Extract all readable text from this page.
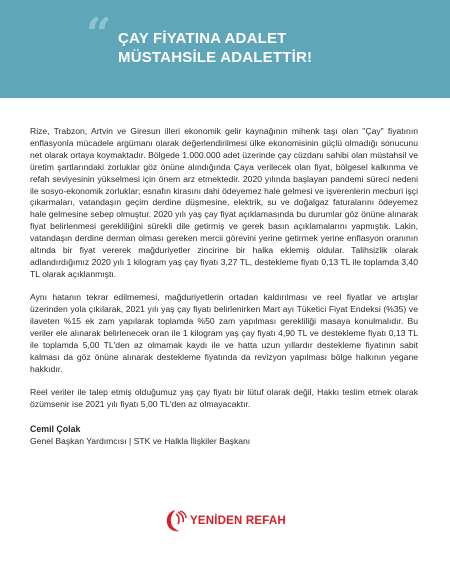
“ ÇAY FİYATINA ADALET
MÜSTAHSİLE ADALETTİR!

Rize, Trabzon, Artvin ve Giresun illeri ekonomik gelir kaynağının mihenk taşı olan "Çay" fiyatının enflasyonla mücadele argümanı olarak değerlendirilmesi ülke ekonomisinin güçlü olmadığı sonucunu net olarak ortaya koymaktadır. Bölgede 1.000.000 adet üzerinde çay cüzdanı sahibi olan müstahsil ve üretim şartlarındaki zorluklar göz önüne alındığında Çaya verilecek olan fiyat, bölgesel kalkınma ve refah seviyesinin yükselmesi için önem arz etmektedir. 2020 yılında başlayan pandemi süreci nedeni ile sosyo-ekonomik zorluklar; esnafın kirasını dahi ödeyemez hale gelmesi ve işverenlerin mecburi işçi çıkarmaları, vatandaşın geçim derdine düşmesine, elektrik, su ve doğalgaz faturalarını ödeyemez hale gelmesine sebep olmuştur. 2020 yılı yaş çay fiyat açıklamasında bu durumlar göz önüne alınarak fiyat belirlenmesi gerekliliğini sürekli dile getirmiş ve gerek basın açıklamalarını yapmıştık. Lakin, vatandaşın derdine derman olması gereken mercii görevini yerine getirmek yerine enflasyon oranının altında bir fiyat vererek mağduriyetler zincirine bir halka eklemiş oldular. Talihsizlik olarak adlandırdığımız 2020 yılı 1 kilogram yaş çay fiyatı 3,27 TL, destekleme fiyatı 0,13 TL ile toplamda 3,40 TL olarak açıklanmıştı.

Aynı hatanın tekrar edilmemesi, mağduriyetlerin ortadan kaldırılması ve reel fiyatlar ve artışlar üzerinden yola çıkılarak, 2021 yılı yaş çay fiyatı belirlenirken Mart ayı Tüketici Fiyat Endeksi (%35) ve ilaveten %15 ek zam yapılarak toplamda %50 zam yapılması gerekliliği masaya konulmalıdır. Bu veriler ele alınarak belirlenecek oran ile 1 kilogram yaş çay fiyatı 4,90 TL ve destekleme fiyatı 0,13 TL ile toplamda 5,00 TL'den az olmamak kaydı ile ve hatta uzun yıllardır destekleme fiyatının sabit kalması da göz önüne alınarak destekleme fiyatında da revizyon yapılması bölge halkının yegane hakkıdır.

Reel veriler ile talep etmiş olduğumuz yaş çay fiyatı bir lütuf olarak değil, Hakkı teslim etmek olarak özümsenir ise 2021 yılı fiyatı 5,00 TL'den az olmayacaktır.

Cemil Çolak
Genel Başkan Yardımcısı | STK ve Halkla İlişkiler Başkanı
YENİDEN REFAH
